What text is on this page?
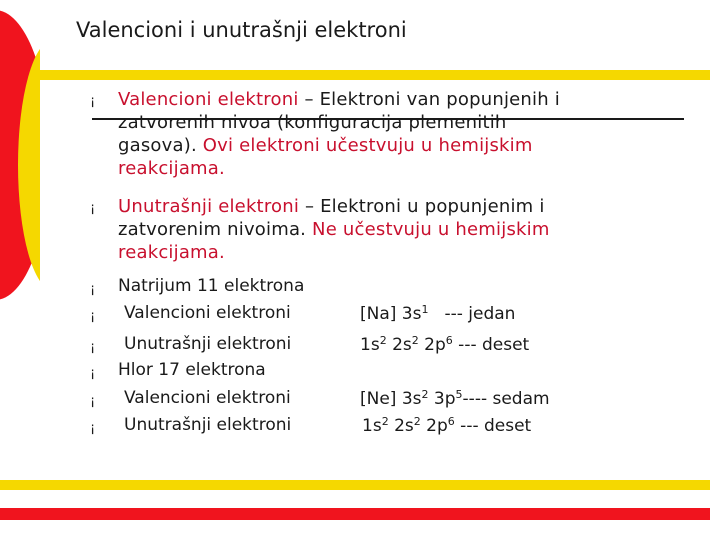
Valencioni i unutrašnji elektroni
¡ Valencioni elektroni – Elektroni van popunjenih i
zatvorenih nivoa (konfiguracija plemenitih
gasova). Ovi elektroni učestvuju u hemijskim
reakcijama.
¡ Unutrašnji elektroni – Elektroni u popunjenim i
zatvorenim nivoima. Ne učestvuju u hemijskim
reakcijama.
¡ Natrijum 11 elektrona
¡ Valencioni elektroni	[Na] $3s^1$ --- jedan
¡ Unutrašnji elektroni	$1s^2$ $2s^2$ $2p^6$ --- deset
¡ Hlor 17 elektrona
¡ Valencioni elektroni	[Ne] $3s^2$ $3p^5----$ sedam
¡ Unutrašnji elektroni	$1s^2$ $2s^2$ $2p^6$ --- deset
